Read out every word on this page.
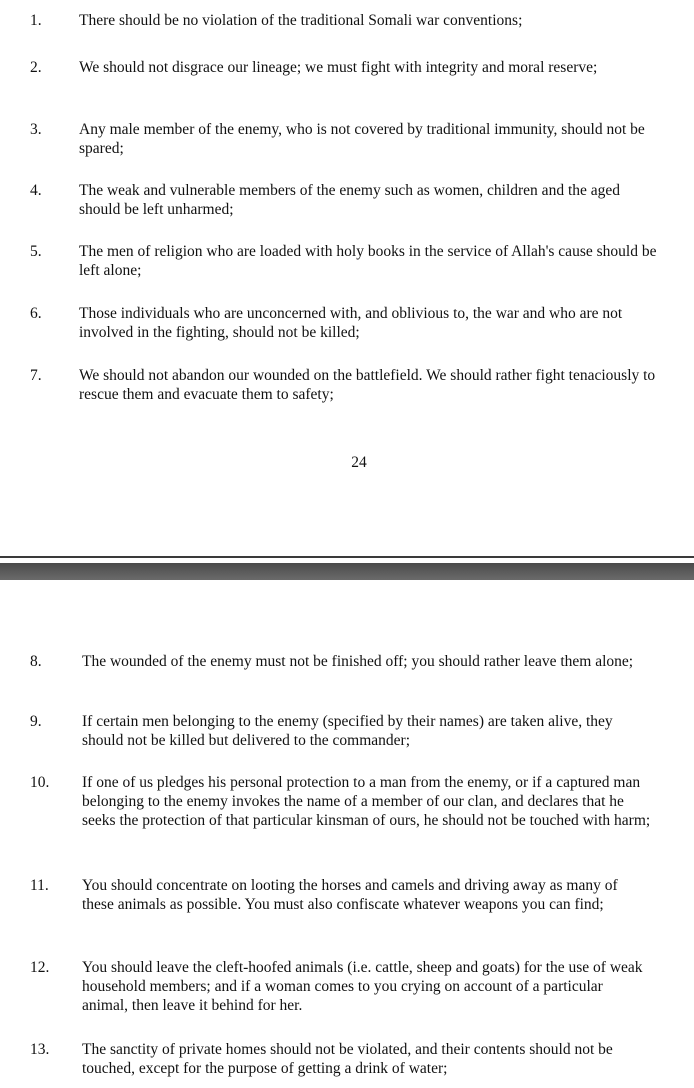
1. There should be no violation of the traditional Somali war conventions;
2. We should not disgrace our lineage; we must fight with integrity and moral reserve;
3. Any male member of the enemy, who is not covered by traditional immunity, should not be spared;
4. The weak and vulnerable members of the enemy such as women, children and the aged should be left unharmed;
5. The men of religion who are loaded with holy books in the service of Allah's cause should be left alone;
6. Those individuals who are unconcerned with, and oblivious to, the war and who are not involved in the fighting, should not be killed;
7. We should not abandon our wounded on the battlefield. We should rather fight tenaciously to rescue them and evacuate them to safety;
24
8.	The wounded of the enemy must not be finished off; you should rather leave them alone;
9.	If certain men belonging to the enemy (specified by their names) are taken alive, they should not be killed but delivered to the commander;
10. If one of us pledges his personal protection to a man from the enemy, or if a captured man belonging to the enemy invokes the name of a member of our clan, and declares that he seeks the protection of that particular kinsman of ours, he should not be touched with harm;
11. You should concentrate on looting the horses and camels and driving away as many of these animals as possible. You must also confiscate whatever weapons you can find;
12. You should leave the cleft-hoofed animals (i.e. cattle, sheep and goats) for the use of weak household members; and if a woman comes to you crying on account of a particular animal, then leave it behind for her.
13. The sanctity of private homes should not be violated, and their contents should not be touched, except for the purpose of getting a drink of water;
